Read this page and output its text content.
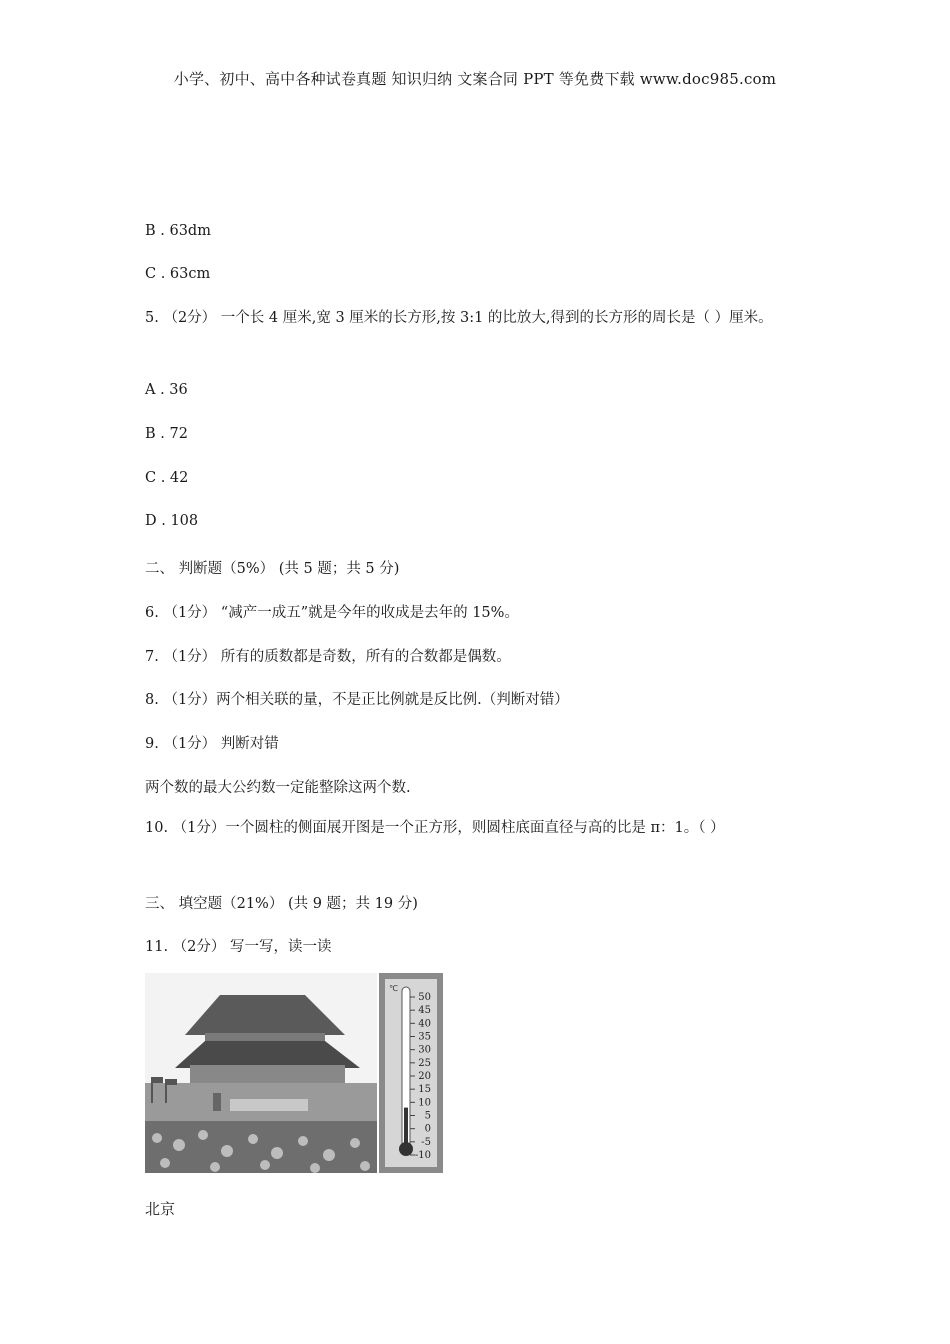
小学、初中、高中各种试卷真题 知识归纳 文案合同 PPT 等免费下载 www.doc985.com
B . 63dm
C . 63cm
5. （2分） 一个长 4 厘米,宽 3 厘米的长方形,按 3:1 的比放大,得到的长方形的周长是（ ）厘米。
A . 36
B . 72
C . 42
D . 108
二、 判断题（5%） (共 5 题；共 5 分)
6. （1分） “减产一成五”就是今年的收成是去年的 15%。
7. （1分） 所有的质数都是奇数，所有的合数都是偶数。
8. （1分）两个相关联的量，不是正比例就是反比例.（判断对错）
9. （1分） 判断对错
两个数的最大公约数一定能整除这两个数.
10. （1分）一个圆柱的侧面展开图是一个正方形，则圆柱底面直径与高的比是 π：1。（ ）
三、 填空题（21%） (共 9 题；共 19 分)
11. （2分） 写一写，读一读
50
45
40
35
30
25
20
15
10
5
0
-5
-10
℃
北京
